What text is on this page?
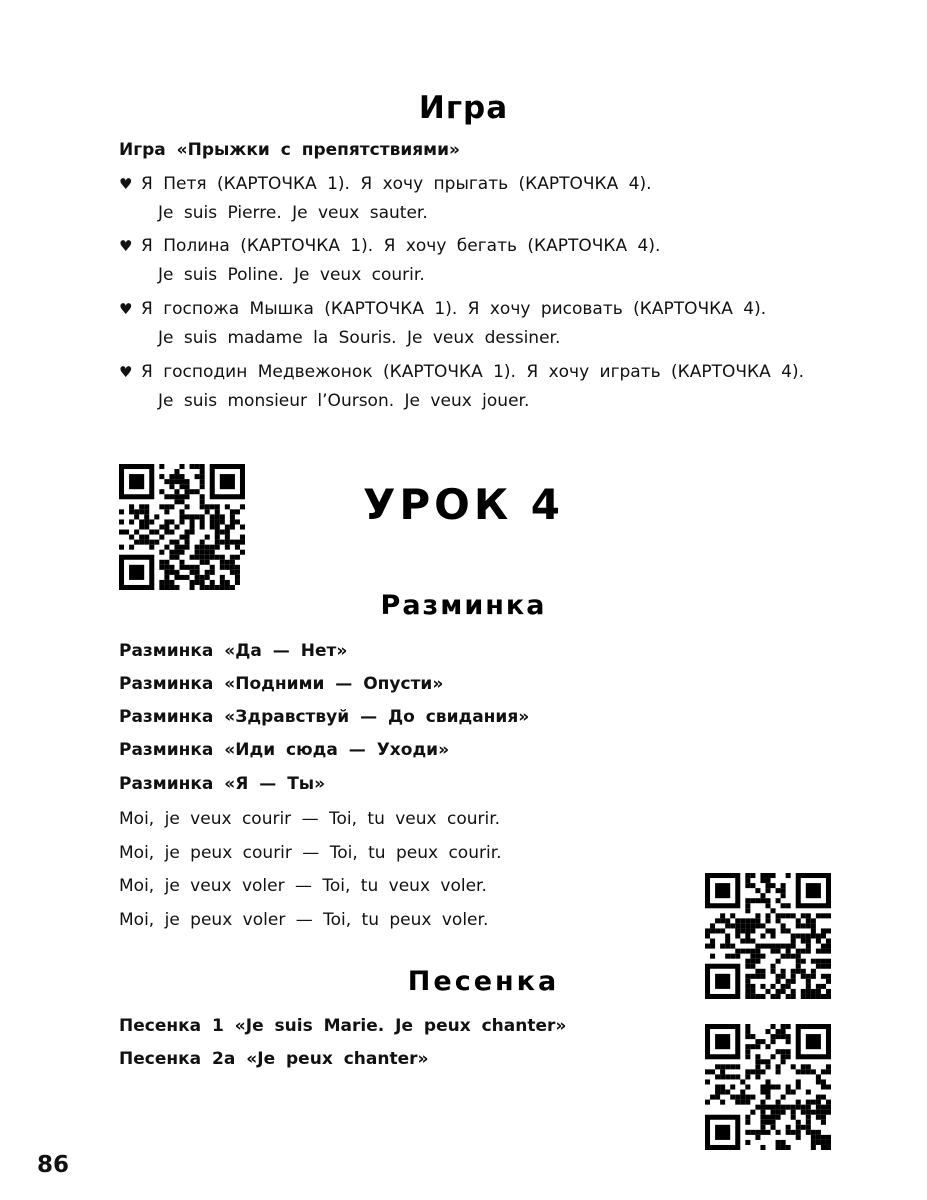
Игра

Игра «Прыжки с препятствиями»

♥ Я Петя (КАРТОЧКА 1). Я хочу прыгать (КАРТОЧКА 4).

Je suis Pierre. Je veux sauter.

♥ Я Полина (КАРТОЧКА 1). Я хочу бегать (КАРТОЧКА 4).

Je suis Poline. Je veux courir.

♥ Я госпожа Мышка (КАРТОЧКА 1). Я хочу рисовать (КАРТОЧКА 4).

Je suis madame la Souris. Je veux dessiner.

♥ Я господин Медвежонок (КАРТОЧКА 1). Я хочу играть (КАРТОЧКА 4).

Je suis monsieur l’Ourson. Je veux jouer.

УРОК 4
Разминка

Разминка «Да — Нет»

Разминка «Подними — Опусти»

Разминка «Здравствуй — До свидания»

Разминка «Иди сюда — Уходи»

Разминка «Я — Ты»

Moi, je veux courir — Toi, tu veux courir.

Moi, je peux courir — Toi, tu peux courir.

Moi, je veux voler — Toi, tu veux voler.

Moi, je peux voler — Toi, tu peux voler.

Песенка

Песенка 1 «Je suis Marie. Je peux chanter»

Песенка 2a «Je peux chanter»

86
